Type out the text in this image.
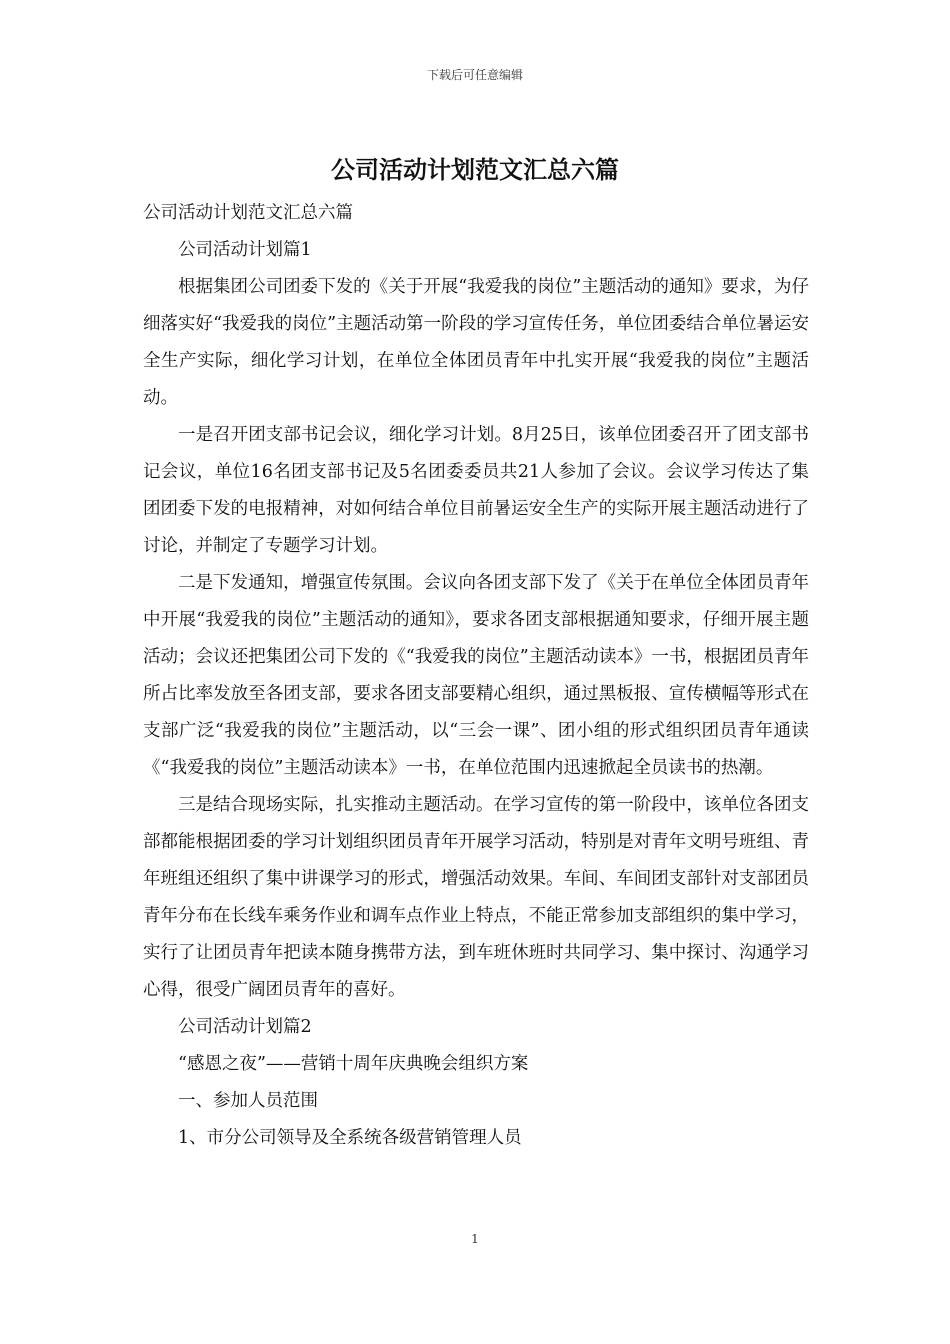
下载后可任意编辑
公司活动计划范文汇总六篇

公司活动计划范文汇总六篇

公司活动计划篇1

根据集团公司团委下发的《关于开展“我爱我的岗位”主题活动的通知》要求，为仔细落实好“我爱我的岗位”主题活动第一阶段的学习宣传任务，单位团委结合单位暑运安全生产实际，细化学习计划，在单位全体团员青年中扎实开展“我爱我的岗位”主题活动。

一是召开团支部书记会议，细化学习计划。8月25日，该单位团委召开了团支部书记会议，单位16名团支部书记及5名团委委员共21人参加了会议。会议学习传达了集团团委下发的电报精神，对如何结合单位目前暑运安全生产的实际开展主题活动进行了讨论，并制定了专题学习计划。

二是下发通知，增强宣传氛围。会议向各团支部下发了《关于在单位全体团员青年中开展“我爱我的岗位”主题活动的通知》，要求各团支部根据通知要求，仔细开展主题活动；会议还把集团公司下发的《“我爱我的岗位”主题活动读本》一书，根据团员青年所占比率发放至各团支部，要求各团支部要精心组织，通过黑板报、宣传横幅等形式在支部广泛“我爱我的岗位”主题活动，以“三会一课”、团小组的形式组织团员青年通读《“我爱我的岗位”主题活动读本》一书，在单位范围内迅速掀起全员读书的热潮。

三是结合现场实际，扎实推动主题活动。在学习宣传的第一阶段中，该单位各团支部都能根据团委的学习计划组织团员青年开展学习活动，特别是对青年文明号班组、青年班组还组织了集中讲课学习的形式，增强活动效果。车间、车间团支部针对支部团员青年分布在长线车乘务作业和调车点作业上特点，不能正常参加支部组织的集中学习，实行了让团员青年把读本随身携带方法，到车班休班时共同学习、集中探讨、沟通学习心得，很受广阔团员青年的喜好。

公司活动计划篇2

“感恩之夜”——营销十周年庆典晚会组织方案

一、参加人员范围

1、市分公司领导及全系统各级营销管理人员

1
